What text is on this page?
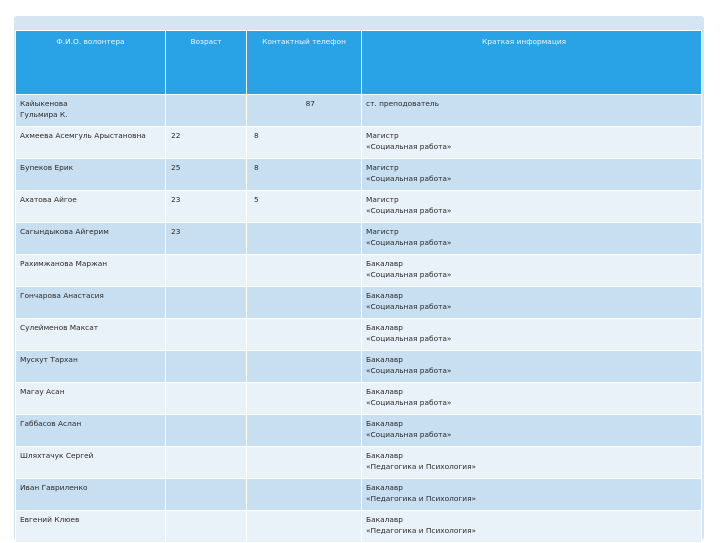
Ф.И.О. волонтера	Возраст	Контактный телефон	Краткая информация
Кайыкенова
Гульмира К.		87	ст. преподователь
Ахмеева Асемгуль Арыстановна	22	8	Магистр
«Социальная работа»
Бупеков Ерик	25	8	Магистр
«Социальная работа»
Ахатова Айгое	23	5	Магистр
«Социальная работа»
Сагындыкова Айгерим	23		Магистр
«Социальная работа»
Рахимжанова Маржан			Бакалавр
«Социальная работа»
Гончарова Анастасия			Бакалавр
«Социальная работа»
Сулейменов Максат			Бакалавр
«Социальная работа»
Мускут Тархан			Бакалавр
«Социальная работа»
Магау Асан			Бакалавр
«Социальная работа»
Габбасов Аслан			Бакалавр
«Социальная работа»
Шляхтачук Сергей			Бакалавр
«Педагогика и Психология»
Иван Гавриленко			Бакалавр
«Педагогика и Психология»
Евгений Клюев			Бакалавр
«Педагогика и Психология»
